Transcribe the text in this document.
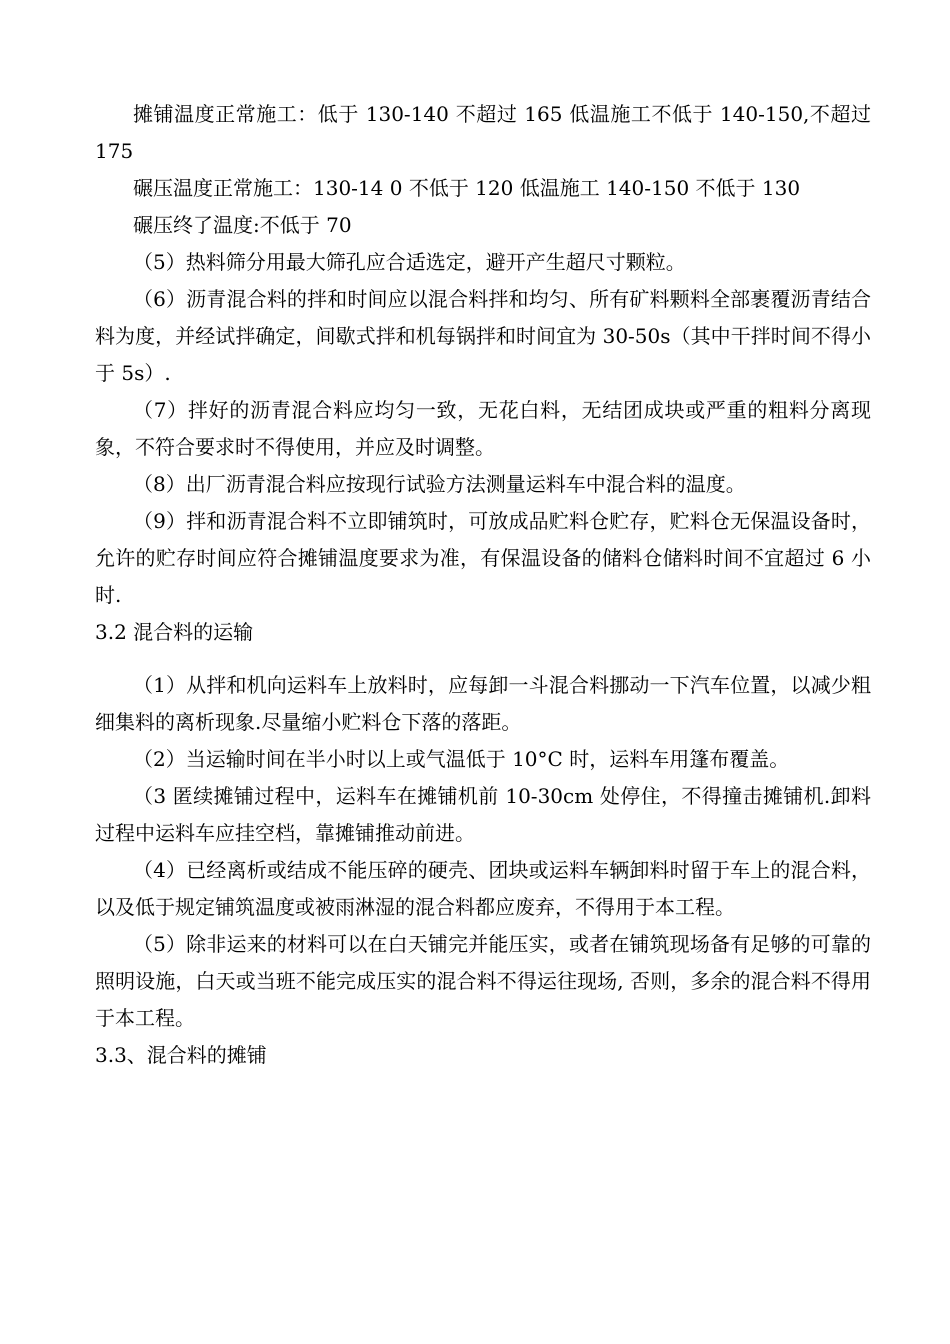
摊铺温度正常施工：低于 130-140 不超过 165 低温施工不低于 140-150,不超过 175

碾压温度正常施工：130-14 0 不低于 120 低温施工 140-150 不低于 130

碾压终了温度:不低于 70

（5）热料筛分用最大筛孔应合适选定，避开产生超尺寸颗粒。

（6）沥青混合料的拌和时间应以混合料拌和均匀、所有矿料颗料全部裹覆沥青结合料为度，并经试拌确定，间歇式拌和机每锅拌和时间宜为 30-50s（其中干拌时间不得小于 5s）.

（7）拌好的沥青混合料应均匀一致，无花白料，无结团成块或严重的粗料分离现象，不符合要求时不得使用，并应及时调整。

（8）出厂沥青混合料应按现行试验方法测量运料车中混合料的温度。

（9）拌和沥青混合料不立即铺筑时，可放成品贮料仓贮存，贮料仓无保温设备时，允许的贮存时间应符合摊铺温度要求为准，有保温设备的储料仓储料时间不宜超过 6 小时.

3.2 混合料的运输

（1）从拌和机向运料车上放料时，应每卸一斗混合料挪动一下汽车位置，以减少粗细集料的离析现象.尽量缩小贮料仓下落的落距。

（2）当运输时间在半小时以上或气温低于 10°C 时，运料车用篷布覆盖。

（3 匿续摊铺过程中，运料车在摊铺机前 10-30cm 处停住，不得撞击摊铺机.卸料过程中运料车应挂空档，靠摊铺推动前进。

（4）已经离析或结成不能压碎的硬壳、团块或运料车辆卸料时留于车上的混合料，以及低于规定铺筑温度或被雨淋湿的混合料都应废弃，不得用于本工程。

（5）除非运来的材料可以在白天铺完并能压实，或者在铺筑现场备有足够的可靠的照明设施，白天或当班不能完成压实的混合料不得运往现场, 否则，多余的混合料不得用于本工程。

3.3、混合料的摊铺
